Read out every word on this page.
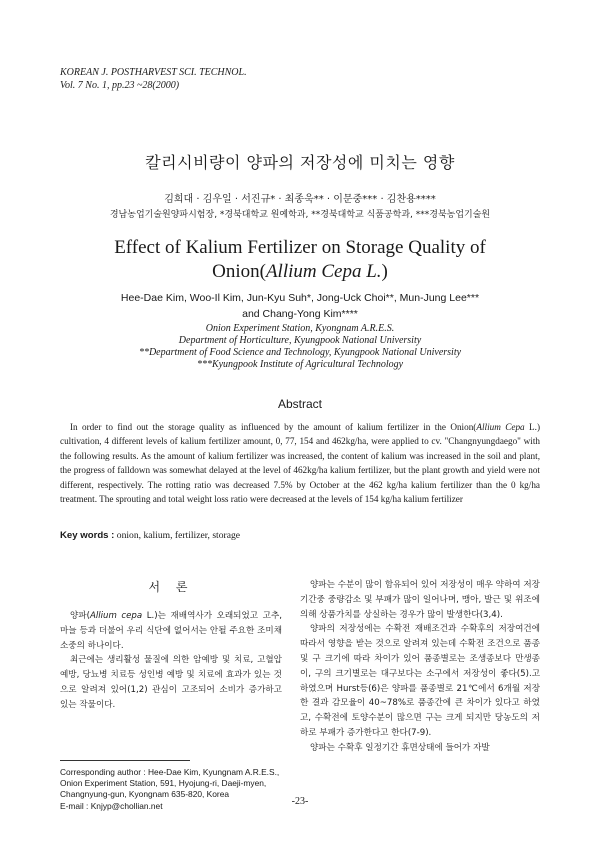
KOREAN J. POSTHARVEST SCI. TECHNOL.
Vol. 7 No. 1, pp.23 ~28(2000)
칼리시비량이 양파의 저장성에 미치는 영향
김희대 · 김우일 · 서진규* · 최종욱** · 이문중*** · 김찬용****
경남농업기술원양파시험장, *경북대학교 원예학과, **경북대학교 식품공학과, ***경북농업기술원
Effect of Kalium Fertilizer on Storage Quality of
Onion(Allium Cepa L.)
Hee-Dae Kim, Woo-Il Kim, Jun-Kyu Suh*, Jong-Uck Choi**, Mun-Jung Lee***
and Chang-Yong Kim****
Onion Experiment Station, Kyongnam A.R.E.S.
Department of Horticulture, Kyungpook National University
**Department of Food Science and Technology, Kyungpook National University
***Kyungpook Institute of Agricultural Technology
Abstract
In order to find out the storage quality as influenced by the amount of kalium fertilizer in the Onion(Allium Cepa L.) cultivation, 4 different levels of kalium fertilizer amount, 0, 77, 154 and 462kg/ha, were applied to cv. "Changnyungdaego" with the following results. As the amount of kalium fertilizer was increased, the content of kalium was increased in the soil and plant, the progress of falldown was somewhat delayed at the level of 462kg/ha kalium fertilizer, but the plant growth and yield were not different, respectively. The rotting ratio was decreased 7.5% by October at the 462 kg/ha kalium fertilizer than the 0 kg/ha treatment. The sprouting and total weight loss ratio were decreased at the levels of 154 kg/ha kalium fertilizer
Key words : onion, kalium, fertilizer, storage
서 론

양파(Allium cepa L.)는 재배역사가 오래되었고 고추, 마늘 등과 더불어 우리 식단에 없어서는 안될 주요한 조미채소중의 하나이다.

최근에는 생리활성 물질에 의한 암예방 및 치료, 고혈압 예방, 당뇨병 치료등 성인병 예방 및 치료에 효과가 있는 것으로 알려져 있어(1,2) 관심이 고조되어 소비가 증가하고 있는 작물이다.

양파는 수분이 많이 함유되어 있어 저장성이 매우 약하여 저장기간중 중량감소 및 부패가 많이 일어나며, 맹아, 발근 및 위조에 의해 상품가치를 상실하는 경우가 많이 발생한다(3,4).

양파의 저장성에는 수확전 재배조건과 수확후의 저장여건에 따라서 영향을 받는 것으로 알려져 있는데 수확전 조건으로 품종 및 구 크기에 따라 차이가 있어 품종별로는 조생종보다 만생종이, 구의 크기별로는 대구보다는 소구에서 저장성이 좋다(5).고 하였으며 Hurst등(6)은 양파를 품종별로 21℃에서 6개월 저장한 결과 감모율이 40~78%로 품종간에 큰 차이가 있다고 하였고, 수확전에 토양수분이 많으면 구는 크게 되지만 당농도의 저하로 부패가 증가한다고 한다(7-9).

양파는 수확후 일정기간 휴면상태에 들어가 자발

Corresponding author : Hee-Dae Kim, Kyungnam A.R.E.S.,
Onion Experiment Station, 591, Hyojung-ri, Daeji-myen,
Changnyung-gun, Kyongnam 635-820, Korea
E-mail : Knjyp@chollian.net	-23-
